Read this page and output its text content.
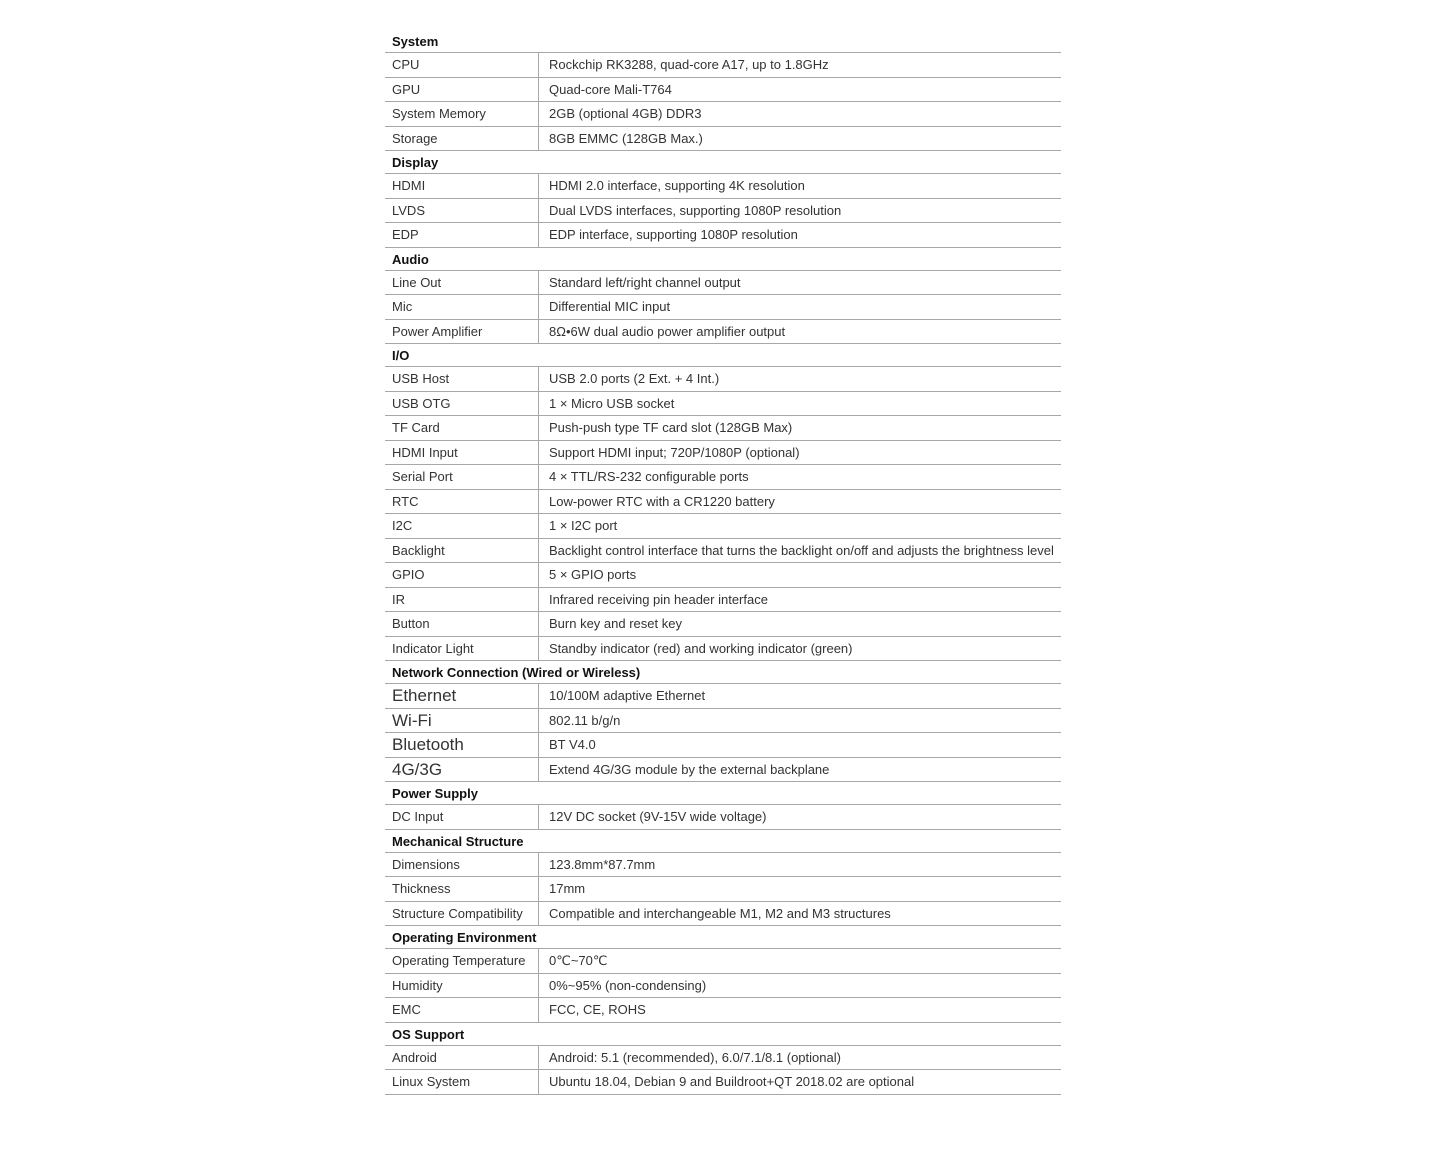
System
CPU	Rockchip RK3288, quad-core A17, up to 1.8GHz
GPU	Quad-core Mali-T764
System Memory	2GB (optional 4GB) DDR3
Storage	8GB EMMC (128GB Max.)
Display
HDMI	HDMI 2.0 interface, supporting 4K resolution
LVDS	Dual LVDS interfaces, supporting 1080P resolution
EDP	EDP interface, supporting 1080P resolution
Audio
Line Out	Standard left/right channel output
Mic	Differential MIC input
Power Amplifier	8Ω•6W dual audio power amplifier output
I/O
USB Host	USB 2.0 ports (2 Ext. + 4 Int.)
USB OTG	1 × Micro USB socket
TF Card	Push-push type TF card slot (128GB Max)
HDMI Input	Support HDMI input; 720P/1080P (optional)
Serial Port	4 × TTL/RS-232 configurable ports
RTC	Low-power RTC with a CR1220 battery
I2C	1 × I2C port
Backlight	Backlight control interface that turns the backlight on/off and adjusts the brightness level
GPIO	5 × GPIO ports
IR	Infrared receiving pin header interface
Button	Burn key and reset key
Indicator Light	Standby indicator (red) and working indicator (green)
Network Connection (Wired or Wireless)
Ethernet	10/100M adaptive Ethernet
Wi-Fi	802.11 b/g/n
Bluetooth	BT V4.0
4G/3G	Extend 4G/3G module by the external backplane
Power Supply
DC Input	12V DC socket (9V-15V wide voltage)
Mechanical Structure
Dimensions	123.8mm*87.7mm
Thickness	17mm
Structure Compatibility	Compatible and interchangeable M1, M2 and M3 structures
Operating Environment
Operating Temperature	0℃~70℃
Humidity	0%~95% (non-condensing)
EMC	FCC, CE, ROHS
OS Support
Android	Android: 5.1 (recommended), 6.0/7.1/8.1 (optional)
Linux System	Ubuntu 18.04, Debian 9 and Buildroot+QT 2018.02 are optional
